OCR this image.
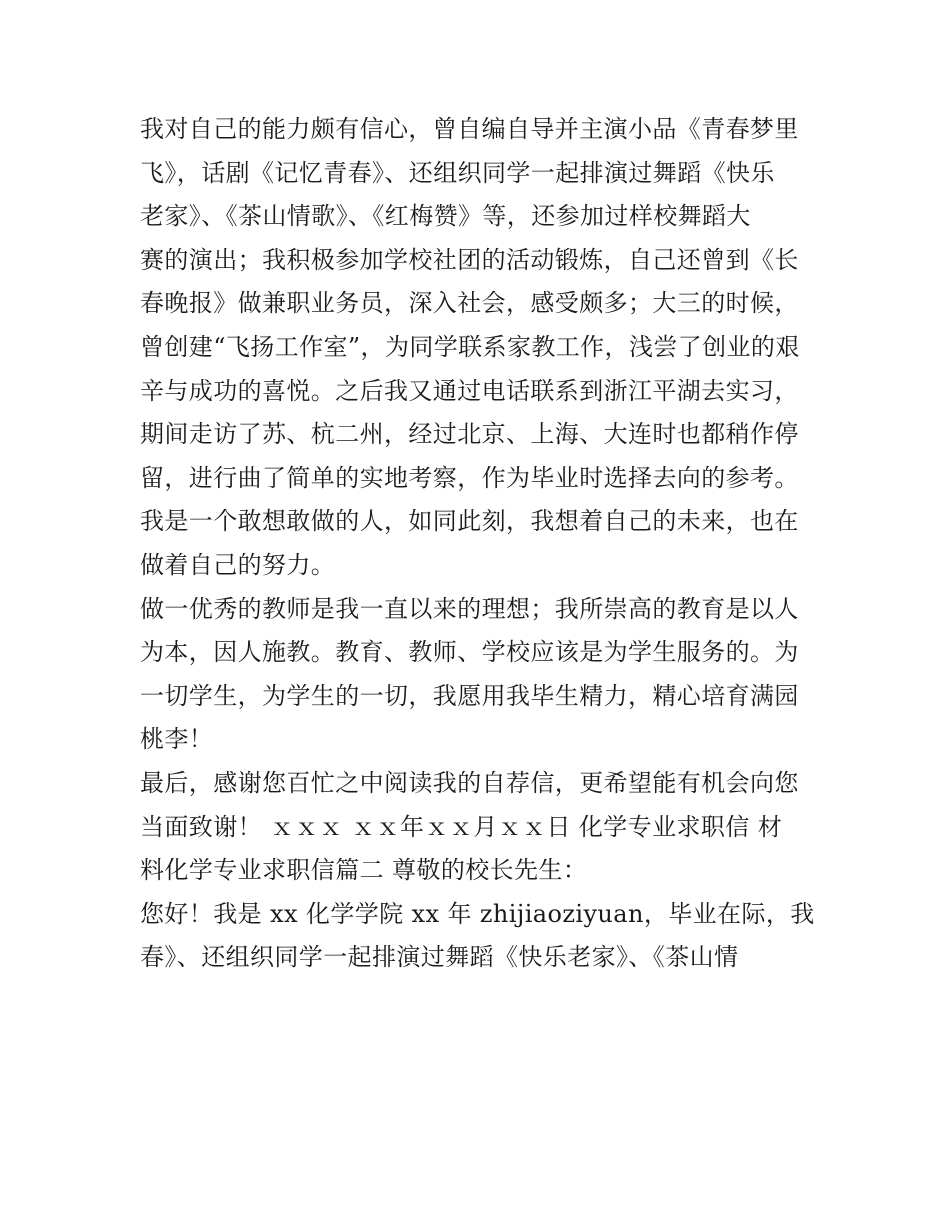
我对自己的能力颇有信心，曾自编自导并主演小品《青春梦里
飞》，话剧《记忆青春》、还组织同学一起排演过舞蹈《快乐
老家》、《茶山情歌》、《红梅赞》等，还参加过样校舞蹈大
赛的演出；我积极参加学校社团的活动锻炼，自己还曾到《长
春晚报》做兼职业务员，深入社会，感受颇多；大三的时候，
曾创建“飞扬工作室”，为同学联系家教工作，浅尝了创业的艰
辛与成功的喜悦。之后我又通过电话联系到浙江平湖去实习，
期间走访了苏、杭二州，经过北京、上海、大连时也都稍作停
留，进行曲了简单的实地考察，作为毕业时选择去向的参考。
我是一个敢想敢做的人，如同此刻，我想着自己的未来，也在
做着自己的努力。
做一优秀的教师是我一直以来的理想；我所崇高的教育是以人
为本，因人施教。教育、教师、学校应该是为学生服务的。为
一切学生，为学生的一切，我愿用我毕生精力，精心培育满园
桃李！
最后，感谢您百忙之中阅读我的自荐信，更希望能有机会向您
当面致谢！ ｘｘｘ ｘｘ年ｘｘ月ｘｘ日 化学专业求职信 材
料化学专业求职信篇二 尊敬的校长先生：
您好！我是 xx 化学学院 xx 年 zhijiaoziyuan，毕业在际，我
春》、还组织同学一起排演过舞蹈《快乐老家》、《茶山情
